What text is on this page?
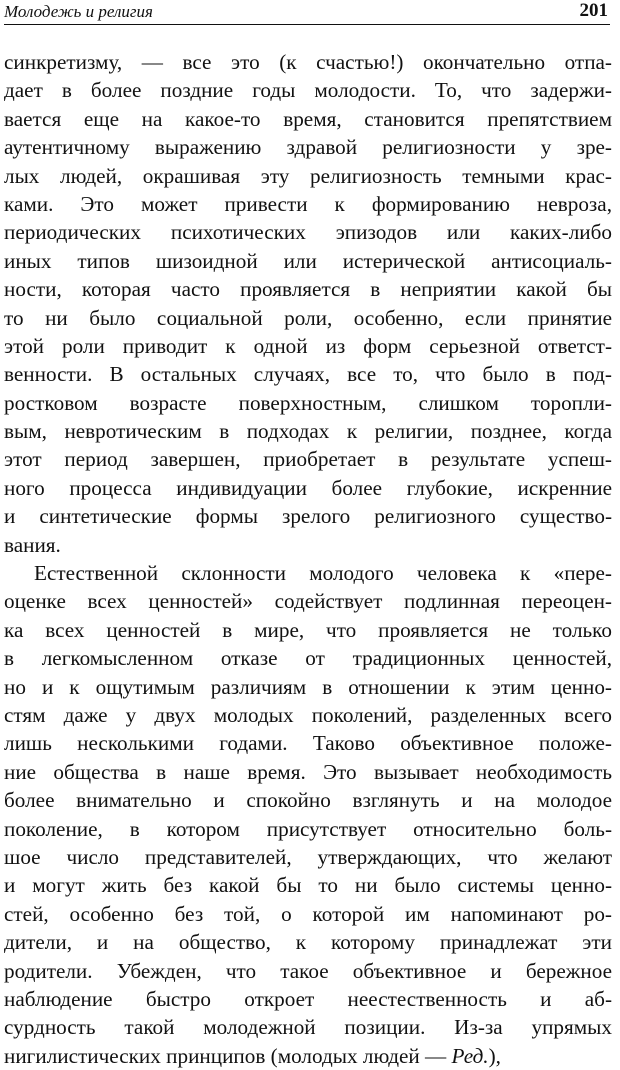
Молодежь и религия	201
синкретизму, — все это (к счастью!) окончательно отпа-
дает в более поздние годы молодости. То, что задержи-
вается еще на какое-то время, становится препятствием
аутентичному выражению здравой религиозности у зре-
лых людей, окрашивая эту религиозность темными крас-
ками. Это может привести к формированию невроза,
периодических психотических эпизодов или каких-либо
иных типов шизоидной или истерической антисоциаль-
ности, которая часто проявляется в неприятии какой бы
то ни было социальной роли, особенно, если принятие
этой роли приводит к одной из форм серьезной ответст-
венности. В остальных случаях, все то, что было в под-
ростковом возрасте поверхностным, слишком торопли-
вым, невротическим в подходах к религии, позднее, когда
этот период завершен, приобретает в результате успеш-
ного процесса индивидуации более глубокие, искренние
и синтетические формы зрелого религиозного существо-
вания.
Естественной склонности молодого человека к «пере-
оценке всех ценностей» содействует подлинная переоцен-
ка всех ценностей в мире, что проявляется не только
в легкомысленном отказе от традиционных ценностей,
но и к ощутимым различиям в отношении к этим ценно-
стям даже у двух молодых поколений, разделенных всего
лишь несколькими годами. Таково объективное положе-
ние общества в наше время. Это вызывает необходимость
более внимательно и спокойно взглянуть и на молодое
поколение, в котором присутствует относительно боль-
шое число представителей, утверждающих, что желают
и могут жить без какой бы то ни было системы ценно-
стей, особенно без той, о которой им напоминают ро-
дители, и на общество, к которому принадлежат эти
родители. Убежден, что такое объективное и бережное
наблюдение быстро откроет неестественность и аб-
сурдность такой молодежной позиции. Из-за упрямых
нигилистических принципов (молодых людей — Ред.),
